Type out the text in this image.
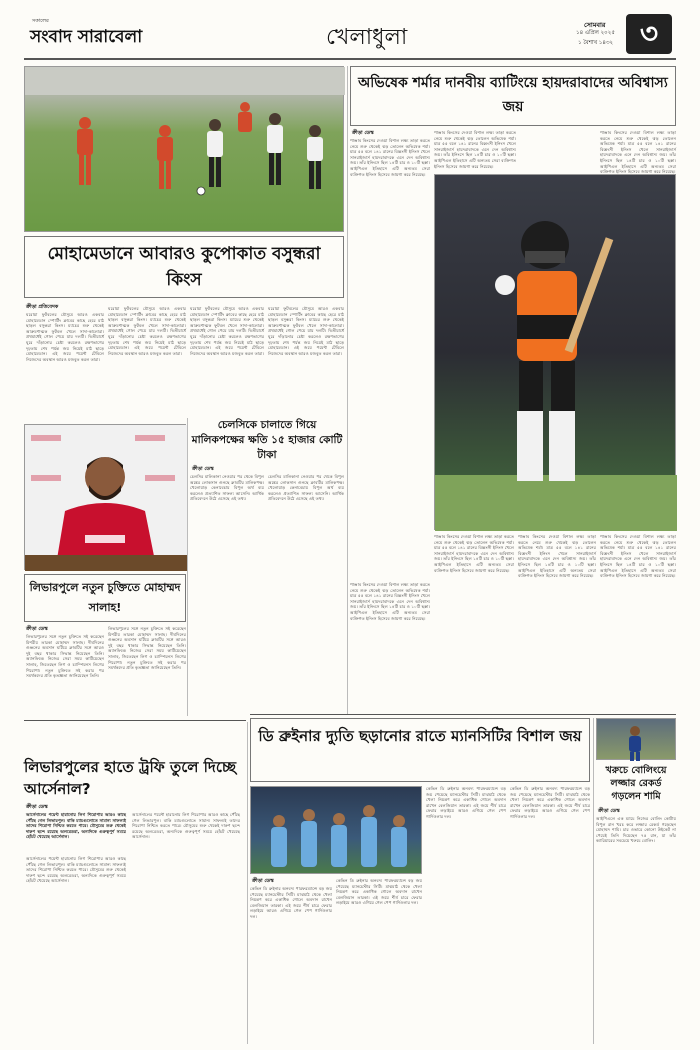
সকালের
সংবাদ সারাবেলা	খেলাধুলা	সোমবার
১৪ এপ্রিল ২০২৫
১ বৈশাখ ১৪৩২ ৩
মোহামেডানে আবারও কুপোকাত বসুন্ধরা কিংস
ক্রীড়া প্রতিবেদক
ঘরোয়া ফুটবলের মৌসুমে আরও একবার মোহামেডান স্পোর্টিং ক্লাবের কাছে হেরে মাঠ ছাড়ল বসুন্ধরা কিংস। ম্যাচের শুরু থেকেই আক্রমণাত্মক ফুটবল খেলে সাদা-কালোরা। প্রথমার্ধেই গোল পেয়ে যায় দলটি। দ্বিতীয়ার্ধে ঘুরে দাঁড়ানোর চেষ্টা করলেও রক্ষণভাগের দৃঢ়তায় শেষ পর্যন্ত জয় নিয়েই মাঠ ছাড়ে মোহামেডান। এই জয়ে পয়েন্ট টেবিলে নিজেদের অবস্থান আরও মজবুত করল তারা।
ঘরোয়া ফুটবলের মৌসুমে আরও একবার মোহামেডান স্পোর্টিং ক্লাবের কাছে হেরে মাঠ ছাড়ল বসুন্ধরা কিংস। ম্যাচের শুরু থেকেই আক্রমণাত্মক ফুটবল খেলে সাদা-কালোরা। প্রথমার্ধেই গোল পেয়ে যায় দলটি। দ্বিতীয়ার্ধে ঘুরে দাঁড়ানোর চেষ্টা করলেও রক্ষণভাগের দৃঢ়তায় শেষ পর্যন্ত জয় নিয়েই মাঠ ছাড়ে মোহামেডান। এই জয়ে পয়েন্ট টেবিলে নিজেদের অবস্থান আরও মজবুত করল তারা।
ঘরোয়া ফুটবলের মৌসুমে আরও একবার মোহামেডান স্পোর্টিং ক্লাবের কাছে হেরে মাঠ ছাড়ল বসুন্ধরা কিংস। ম্যাচের শুরু থেকেই আক্রমণাত্মক ফুটবল খেলে সাদা-কালোরা। প্রথমার্ধেই গোল পেয়ে যায় দলটি। দ্বিতীয়ার্ধে ঘুরে দাঁড়ানোর চেষ্টা করলেও রক্ষণভাগের দৃঢ়তায় শেষ পর্যন্ত জয় নিয়েই মাঠ ছাড়ে মোহামেডান। এই জয়ে পয়েন্ট টেবিলে নিজেদের অবস্থান আরও মজবুত করল তারা।
ঘরোয়া ফুটবলের মৌসুমে আরও একবার মোহামেডান স্পোর্টিং ক্লাবের কাছে হেরে মাঠ ছাড়ল বসুন্ধরা কিংস। ম্যাচের শুরু থেকেই আক্রমণাত্মক ফুটবল খেলে সাদা-কালোরা। প্রথমার্ধেই গোল পেয়ে যায় দলটি। দ্বিতীয়ার্ধে ঘুরে দাঁড়ানোর চেষ্টা করলেও রক্ষণভাগের দৃঢ়তায় শেষ পর্যন্ত জয় নিয়েই মাঠ ছাড়ে মোহামেডান। এই জয়ে পয়েন্ট টেবিলে নিজেদের অবস্থান আরও মজবুত করল তারা।
চেলসিকে চালাতে গিয়ে মালিকপক্ষের ক্ষতি ১৫ হাজার কোটি টাকা
ক্রীড়া ডেস্ক
চেলসির মালিকানা নেওয়ার পর থেকে বিপুল অঙ্কের লোকসান গুনছে ক্লাবটির মালিকপক্ষ। খেলোয়াড় কেনাবেচায় বিপুল অর্থ ব্যয় করলেও প্রত্যাশিত সাফল্য আসেনি। আর্থিক প্রতিবেদনে উঠে এসেছে এই তথ্য।
চেলসির মালিকানা নেওয়ার পর থেকে বিপুল অঙ্কের লোকসান গুনছে ক্লাবটির মালিকপক্ষ। খেলোয়াড় কেনাবেচায় বিপুল অর্থ ব্যয় করলেও প্রত্যাশিত সাফল্য আসেনি। আর্থিক প্রতিবেদনে উঠে এসেছে এই তথ্য।
লিভারপুলে নতুন চুক্তিতে মোহাম্মদ সালাহ!
ক্রীড়া ডেস্ক
লিভারপুলের সঙ্গে নতুন চুক্তিতে সই করেছেন মিশরীয় তারকা মোহাম্মদ সালাহ। দীর্ঘদিনের গুঞ্জনের অবসান ঘটিয়ে ক্লাবটির সঙ্গে আরও দুই বছর থাকার সিদ্ধান্ত নিয়েছেন তিনি। অ্যানফিল্ডে নিজের সেরা সময় কাটিয়েছেন সালাহ, জিতেছেন লিগ ও চ্যাম্পিয়নস লিগের শিরোপা। নতুন চুক্তিতে সই করার পর সমর্থকদের প্রতি কৃতজ্ঞতা জানিয়েছেন তিনি।
লিভারপুলের সঙ্গে নতুন চুক্তিতে সই করেছেন মিশরীয় তারকা মোহাম্মদ সালাহ। দীর্ঘদিনের গুঞ্জনের অবসান ঘটিয়ে ক্লাবটির সঙ্গে আরও দুই বছর থাকার সিদ্ধান্ত নিয়েছেন তিনি। অ্যানফিল্ডে নিজের সেরা সময় কাটিয়েছেন সালাহ, জিতেছেন লিগ ও চ্যাম্পিয়নস লিগের শিরোপা। নতুন চুক্তিতে সই করার পর সমর্থকদের প্রতি কৃতজ্ঞতা জানিয়েছেন তিনি।
লিভারপুলের হাতে ট্রফি তুলে দিচ্ছে আর্সেনাল?
ক্রীড়া ডেস্ক
আর্সেনালের পয়েন্ট হারানোয় লিগ শিরোপার আরও কাছে পৌঁছে গেল লিভারপুল। বাকি ম্যাচগুলোতে সামান্য সাফল্যই তাদের শিরোপা নিশ্চিত করতে পারে। মৌসুমের শুরু থেকেই দারুণ ছন্দে রয়েছে অলরেডরা, অন্যদিকে গুরুত্বপূর্ণ সময়ে হোঁচট খেয়েছে আর্সেনাল।
আর্সেনালের পয়েন্ট হারানোয় লিগ শিরোপার আরও কাছে পৌঁছে গেল লিভারপুল। বাকি ম্যাচগুলোতে সামান্য সাফল্যই তাদের শিরোপা নিশ্চিত করতে পারে। মৌসুমের শুরু থেকেই দারুণ ছন্দে রয়েছে অলরেডরা, অন্যদিকে গুরুত্বপূর্ণ সময়ে হোঁচট খেয়েছে আর্সেনাল।
আর্সেনালের পয়েন্ট হারানোয় লিগ শিরোপার আরও কাছে পৌঁছে গেল লিভারপুল। বাকি ম্যাচগুলোতে সামান্য সাফল্যই তাদের শিরোপা নিশ্চিত করতে পারে। মৌসুমের শুরু থেকেই দারুণ ছন্দে রয়েছে অলরেডরা, অন্যদিকে গুরুত্বপূর্ণ সময়ে হোঁচট খেয়েছে আর্সেনাল।
অভিষেক শর্মার দানবীয় ব্যাটিংয়ে হায়দরাবাদের অবিশ্বাস্য জয়
ক্রীড়া ডেস্ক
পাঞ্জাব কিংসের দেওয়া বিশাল লক্ষ্য তাড়া করতে নেমে শুরু থেকেই ঝড় তোলেন অভিষেক শর্মা। মাত্র ৫৫ বলে ১৪১ রানের বিধ্বংসী ইনিংস খেলে সানরাইজার্স হায়দরাবাদকে এনে দেন অবিশ্বাস্য জয়। তাঁর ইনিংসে ছিল ১৪টি চার ও ১০টি ছক্কা। আইপিএল ইতিহাসে এটি অন্যতম সেরা ব্যক্তিগত ইনিংস হিসেবে জায়গা করে নিয়েছে।
পাঞ্জাব কিংসের দেওয়া বিশাল লক্ষ্য তাড়া করতে নেমে শুরু থেকেই ঝড় তোলেন অভিষেক শর্মা। মাত্র ৫৫ বলে ১৪১ রানের বিধ্বংসী ইনিংস খেলে সানরাইজার্স হায়দরাবাদকে এনে দেন অবিশ্বাস্য জয়। তাঁর ইনিংসে ছিল ১৪টি চার ও ১০টি ছক্কা। আইপিএল ইতিহাসে এটি অন্যতম সেরা ব্যক্তিগত ইনিংস হিসেবে জায়গা করে নিয়েছে।
পাঞ্জাব কিংসের দেওয়া বিশাল লক্ষ্য তাড়া করতে নেমে শুরু থেকেই ঝড় তোলেন অভিষেক শর্মা। মাত্র ৫৫ বলে ১৪১ রানের বিধ্বংসী ইনিংস খেলে সানরাইজার্স হায়দরাবাদকে এনে দেন অবিশ্বাস্য জয়। তাঁর ইনিংসে ছিল ১৪টি চার ও ১০টি ছক্কা। আইপিএল ইতিহাসে এটি অন্যতম সেরা ব্যক্তিগত ইনিংস হিসেবে জায়গা করে নিয়েছে।
পাঞ্জাব কিংসের দেওয়া বিশাল লক্ষ্য তাড়া করতে নেমে শুরু থেকেই ঝড় তোলেন অভিষেক শর্মা। মাত্র ৫৫ বলে ১৪১ রানের বিধ্বংসী ইনিংস খেলে সানরাইজার্স হায়দরাবাদকে এনে দেন অবিশ্বাস্য জয়। তাঁর ইনিংসে ছিল ১৪টি চার ও ১০টি ছক্কা। আইপিএল ইতিহাসে এটি অন্যতম সেরা ব্যক্তিগত ইনিংস হিসেবে জায়গা করে নিয়েছে।
পাঞ্জাব কিংসের দেওয়া বিশাল লক্ষ্য তাড়া করতে নেমে শুরু থেকেই ঝড় তোলেন অভিষেক শর্মা। মাত্র ৫৫ বলে ১৪১ রানের বিধ্বংসী ইনিংস খেলে সানরাইজার্স হায়দরাবাদকে এনে দেন অবিশ্বাস্য জয়। তাঁর ইনিংসে ছিল ১৪টি চার ও ১০টি ছক্কা। আইপিএল ইতিহাসে এটি অন্যতম সেরা ব্যক্তিগত ইনিংস হিসেবে জায়গা করে নিয়েছে।
পাঞ্জাব কিংসের দেওয়া বিশাল লক্ষ্য তাড়া করতে নেমে শুরু থেকেই ঝড় তোলেন অভিষেক শর্মা। মাত্র ৫৫ বলে ১৪১ রানের বিধ্বংসী ইনিংস খেলে সানরাইজার্স হায়দরাবাদকে এনে দেন অবিশ্বাস্য জয়। তাঁর ইনিংসে ছিল ১৪টি চার ও ১০টি ছক্কা। আইপিএল ইতিহাসে এটি অন্যতম সেরা ব্যক্তিগত ইনিংস হিসেবে জায়গা করে নিয়েছে।
পাঞ্জাব কিংসের দেওয়া বিশাল লক্ষ্য তাড়া করতে নেমে শুরু থেকেই ঝড় তোলেন অভিষেক শর্মা। মাত্র ৫৫ বলে ১৪১ রানের বিধ্বংসী ইনিংস খেলে সানরাইজার্স হায়দরাবাদকে এনে দেন অবিশ্বাস্য জয়। তাঁর ইনিংসে ছিল ১৪টি চার ও ১০টি ছক্কা। আইপিএল ইতিহাসে এটি অন্যতম সেরা ব্যক্তিগত ইনিংস হিসেবে জায়গা করে নিয়েছে।
ডি ব্রুইনার দ্যুতি ছড়ানোর রাতে ম্যানসিটির বিশাল জয়
ক্রীড়া ডেস্ক
কেভিন ডি ব্রুইনার অনবদ্য পারফরম্যান্সে বড় জয় পেয়েছে ম্যানচেস্টার সিটি। মাঝমাঠ থেকে খেলা নিয়ন্ত্রণ করে একাধিক গোলে অবদান রাখেন বেলজিয়ান তারকা। এই জয়ে শীর্ষ চারে ফেরার লড়াইয়ে আরও এগিয়ে গেল পেপ গার্দিওলার দল।
কেভিন ডি ব্রুইনার অনবদ্য পারফরম্যান্সে বড় জয় পেয়েছে ম্যানচেস্টার সিটি। মাঝমাঠ থেকে খেলা নিয়ন্ত্রণ করে একাধিক গোলে অবদান রাখেন বেলজিয়ান তারকা। এই জয়ে শীর্ষ চারে ফেরার লড়াইয়ে আরও এগিয়ে গেল পেপ গার্দিওলার দল।
কেভিন ডি ব্রুইনার অনবদ্য পারফরম্যান্সে বড় জয় পেয়েছে ম্যানচেস্টার সিটি। মাঝমাঠ থেকে খেলা নিয়ন্ত্রণ করে একাধিক গোলে অবদান রাখেন বেলজিয়ান তারকা। এই জয়ে শীর্ষ চারে ফেরার লড়াইয়ে আরও এগিয়ে গেল পেপ গার্দিওলার দল।
কেভিন ডি ব্রুইনার অনবদ্য পারফরম্যান্সে বড় জয় পেয়েছে ম্যানচেস্টার সিটি। মাঝমাঠ থেকে খেলা নিয়ন্ত্রণ করে একাধিক গোলে অবদান রাখেন বেলজিয়ান তারকা। এই জয়ে শীর্ষ চারে ফেরার লড়াইয়ে আরও এগিয়ে গেল পেপ গার্দিওলার দল।
খরুচে বোলিংয়ে লজ্জার রেকর্ড গড়লেন শামি
ক্রীড়া ডেস্ক
আইপিএলে এক ম্যাচে নিজের বোলিং কোটায় বিপুল রান খরচ করে লজ্জার রেকর্ড গড়েছেন মোহাম্মদ শামি। চার ওভারে কোনো উইকেট না পেয়েই তিনি দিয়েছেন ৭৫ রান, যা তাঁর ক্যারিয়ারের সবচেয়ে খরুচে বোলিং।
